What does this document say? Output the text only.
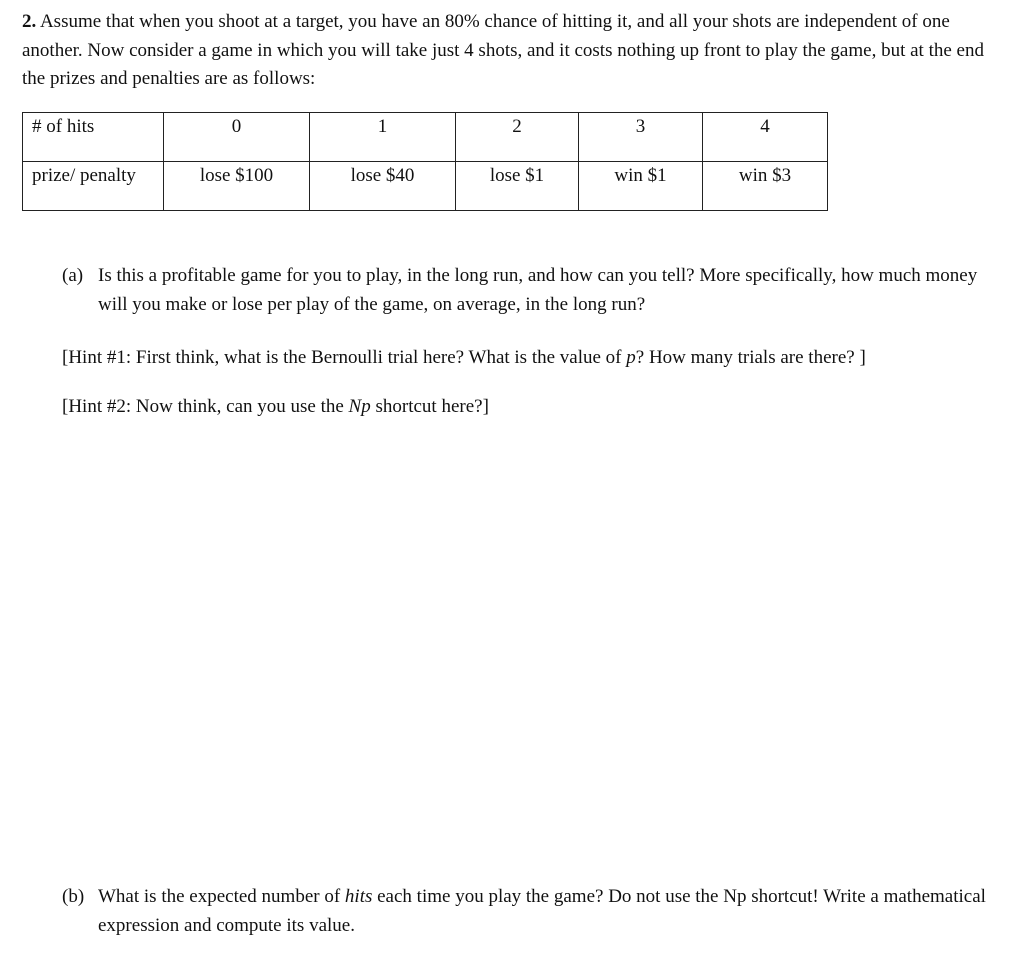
2. Assume that when you shoot at a target, you have an 80% chance of hitting it, and all your shots are independent of one another. Now consider a game in which you will take just 4 shots, and it costs nothing up front to play the game, but at the end the prizes and penalties are as follows:

# of hits	0	1	2	3	4

prize/ penalty	lose $100	lose $40	lose $1	win $1	win $3
(a) Is this a profitable game for you to play, in the long run, and how can you tell? More specifically, how much money will you make or lose per play of the game, on average, in the long run?

[Hint #1: First think, what is the Bernoulli trial here? What is the value of p? How many trials are there? ]

[Hint #2: Now think, can you use the Np shortcut here?]

(b) What is the expected number of hits each time you play the game? Do not use the Np shortcut! Write a mathematical expression and compute its value.
